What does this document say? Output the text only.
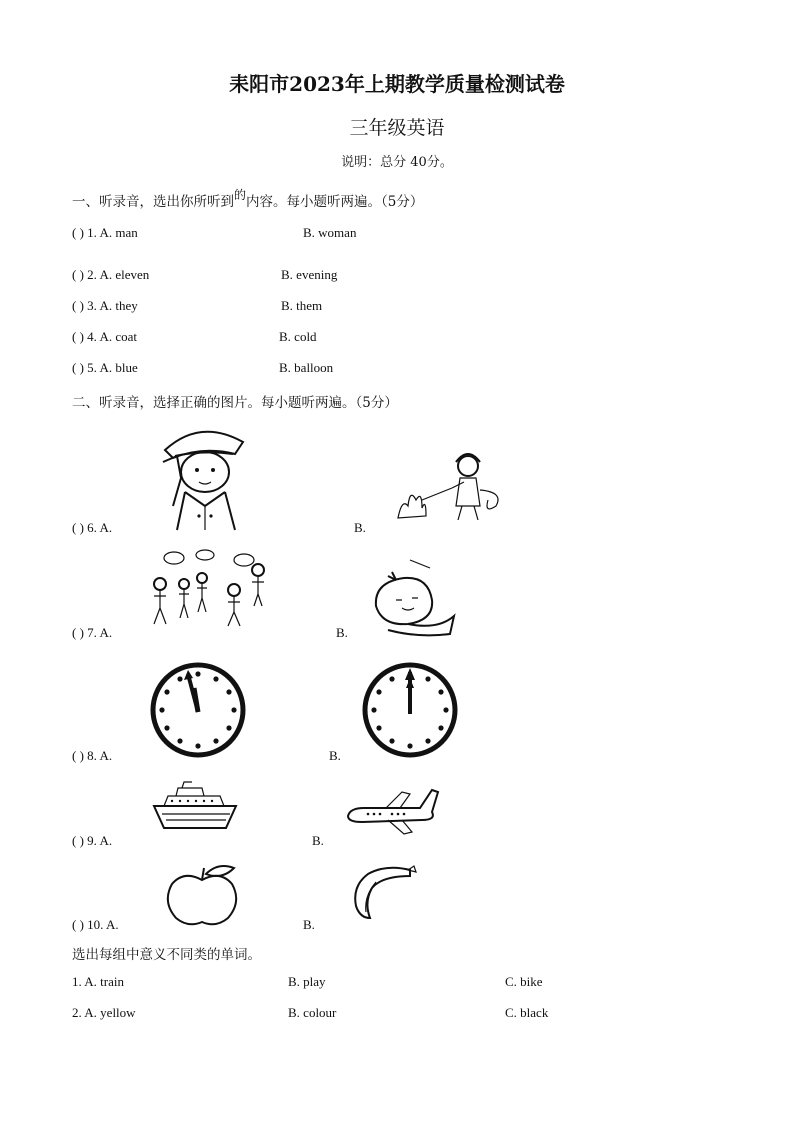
耒阳市2023年上期教学质量检测试卷
三年级英语
说明：总分 40分。
一、听录音，选出你所听到的内容。每小题听两遍。（5分）
( ) 1. A. man	B. woman
( ) 2. A. eleven	B. evening
( ) 3. A. they	B. them
( ) 4. A. coat	B. cold
( ) 5. A. blue	B. balloon
二、听录音，选择正确的图片。每小题听两遍。（5分）
( ) 6. A.	B.
( ) 7. A.	B.
( ) 8. A.	B.
( ) 9. A.	B.
( ) 10. A.	B.
选出每组中意义不同类的单词。
1. A. train	B. play	C. bike
2. A. yellow	B. colour	C. black
